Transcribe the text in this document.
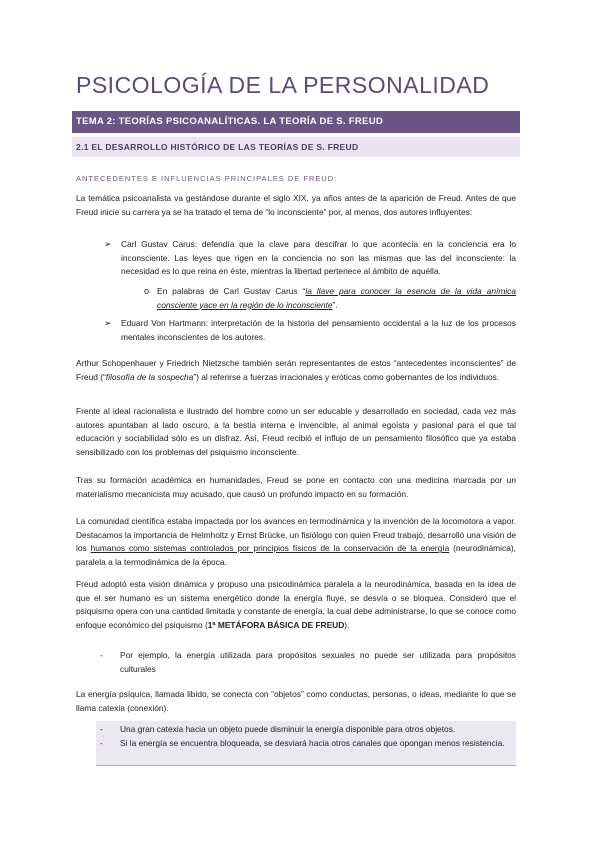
PSICOLOGÍA DE LA PERSONALIDAD
TEMA 2: TEORÍAS PSICOANALÍTICAS. LA TEORÍA DE S. FREUD
2.1 EL DESARROLLO HISTÓRICO DE LAS TEORÍAS DE S. FREUD
ANTECEDENTES E INFLUENCIAS PRINCIPALES DE FREUD:
La temática psicoanalista va gestándose durante el siglo XIX, ya años antes de la aparición de Freud. Antes de que Freud inicie su carrera ya se ha tratado el tema de “lo inconsciente” por, al menos, dos autores influyentes:
➢ Carl Gustav Carus: defendía que la clave para descifrar lo que acontecía en la conciencia era lo inconsciente. Las leyes que rigen en la conciencia no son las mismas que las del inconsciente: la necesidad es lo que reina en éste, mientras la libertad pertenece al ámbito de aquélla.
o En palabras de Carl Gustav Carus “la llave para conocer la esencia de la vida anímica consciente yace en la región de lo inconsciente”.
➢ Eduard Von Hartmann: interpretación de la historia del pensamiento occidental a la luz de los procesos mentales inconscientes de los autores.
Arthur Schopenhauer y Friedrich Nietzsche también serán representantes de estos “antecedentes inconscientes” de Freud (“filosofía de la sospecha”) al referirse a fuerzas irracionales y eróticas como gobernantes de los individuos.
Frente al ideal racionalista e ilustrado del hombre como un ser educable y desarrollado en sociedad, cada vez más autores apuntaban al lado oscuro, a la bestia interna e invencible, al animal egoísta y pasional para el que tal educación y sociabilidad sólo es un disfraz. Así, Freud recibió el influjo de un pensamiento filosófico que ya estaba sensibilizado con los problemas del psiquismo inconsciente.
Tras su formación académica en humanidades, Freud se pone en contacto con una medicina marcada por un materialismo mecanicista muy acusado, que causó un profundo impacto en su formación.
La comunidad científica estaba impactada por los avances en termodinámica y la invención de la locomotora a vapor. Destacamos la importancia de Helmholtz y Ernst Brücke, un fisiólogo con quien Freud trabajó, desarrolló una visión de los humanos como sistemas controlados por principios físicos de la conservación de la energía (neurodinámica), paralela a la termodinámica de la época.
Freud adoptó esta visión dinámica y propuso una psicodinámica paralela a la neurodinámica, basada en la idea de que el ser humano es un sistema energético donde la energía fluye, se desvía o se bloquea. Consideró que el psiquismo opera con una cantidad limitada y constante de energía, la cual debe administrarse, lo que se conoce como enfoque económico del psiquismo (1ª METÁFORA BÁSICA DE FREUD).
- Por ejemplo, la energía utilizada para propósitos sexuales no puede ser utilizada para propósitos culturales
La energía psíquica, llamada libido, se conecta con “objetos” como conductas, personas, o ideas, mediante lo que se llama catexia (conexión).
- Una gran catexia hacia un objeto puede disminuir la energía disponible para otros objetos.
- Si la energía se encuentra bloqueada, se desviará hacia otros canales que opongan menos resistencia.
